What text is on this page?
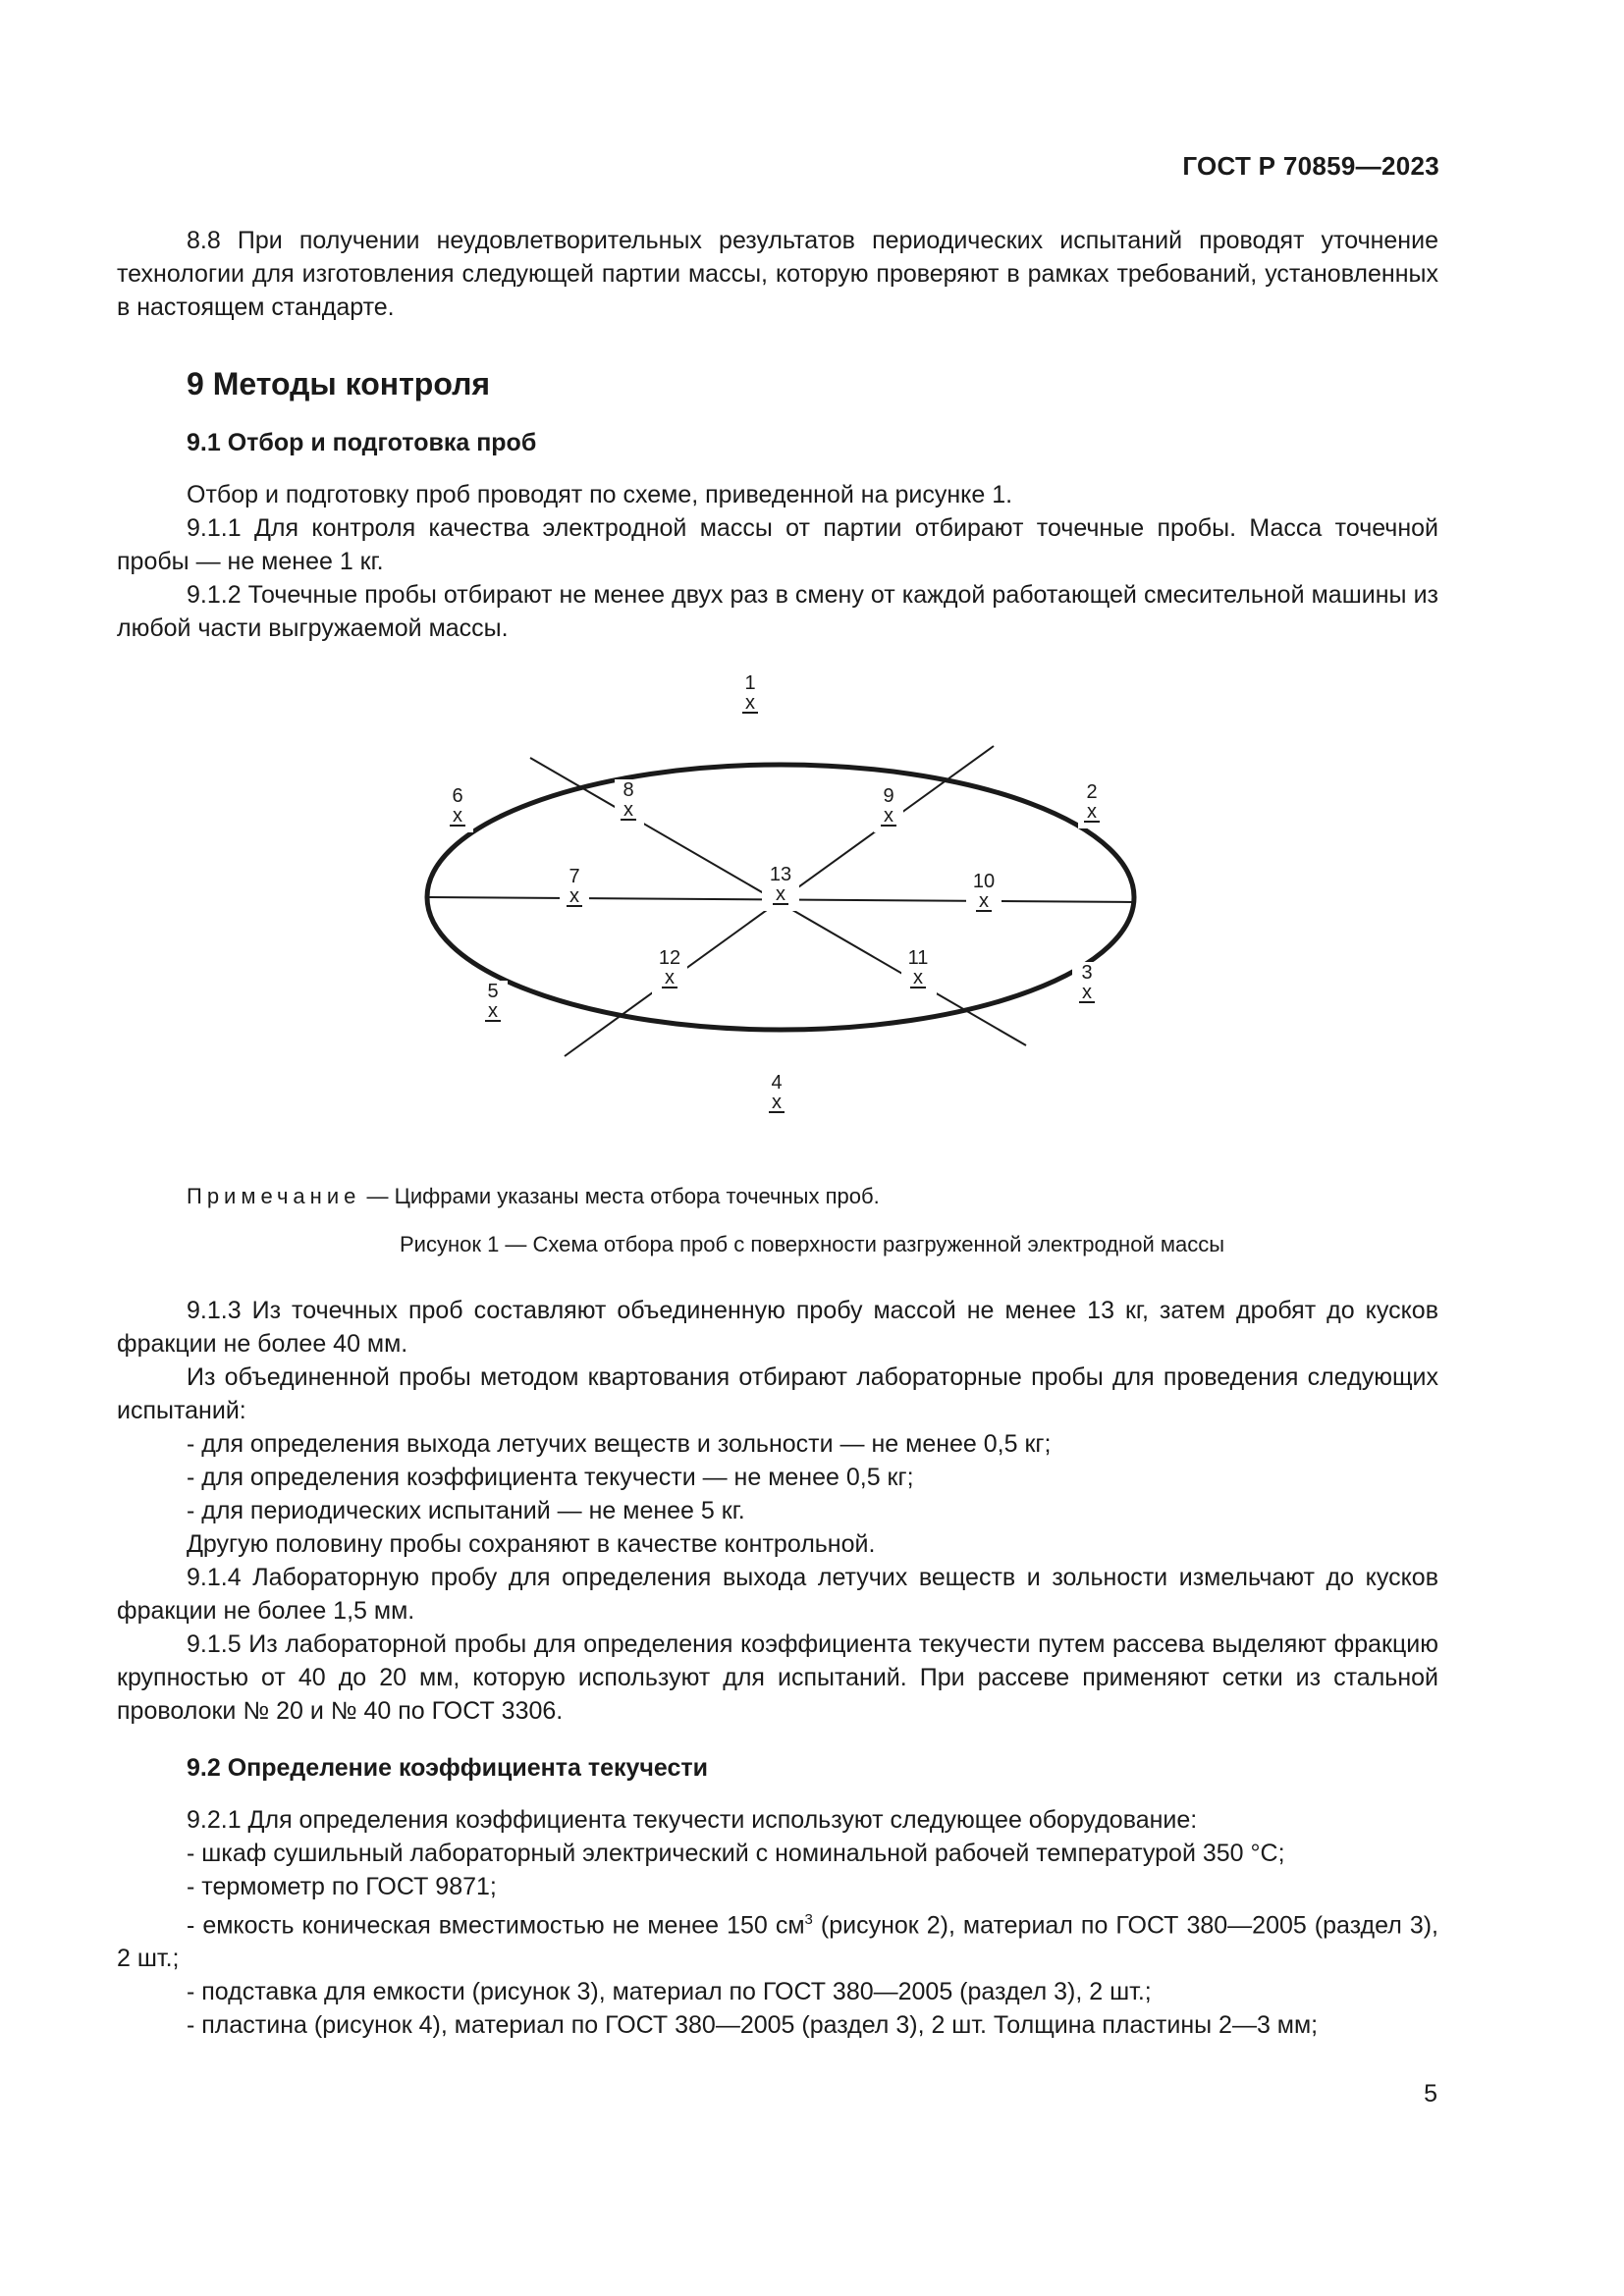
ГОСТ Р 70859—2023

8.8 При получении неудовлетворительных результатов периодических испытаний проводят уточнение технологии для изготовления следующей партии массы, которую проверяют в рамках требований, установленных в настоящем стандарте.

9 Методы контроля
9.1 Отбор и подготовка проб

Отбор и подготовку проб проводят по схеме, приведенной на рисунке 1.

9.1.1 Для контроля качества электродной массы от партии отбирают точечные пробы. Масса точечной пробы — не менее 1 кг.

9.1.2 Точечные пробы отбирают не менее двух раз в смену от каждой работающей смесительной машины из любой части выгружаемой массы.

1
x
2
x
3
x
4
x
5
x
6
x
7
x
8
x
9
x
10
x
11
x
12
x
13
x
Примечание — Цифрами указаны места отбора точечных проб.
Рисунок 1 — Схема отбора проб с поверхности разгруженной электродной массы

9.1.3 Из точечных проб составляют объединенную пробу массой не менее 13 кг, затем дробят до кусков фракции не более 40 мм.

Из объединенной пробы методом квартования отбирают лабораторные пробы для проведения следующих испытаний:

- для определения выхода летучих веществ и зольности — не менее 0,5 кг;

- для определения коэффициента текучести — не менее 0,5 кг;

- для периодических испытаний — не менее 5 кг.

Другую половину пробы сохраняют в качестве контрольной.

9.1.4 Лабораторную пробу для определения выхода летучих веществ и зольности измельчают до кусков фракции не более 1,5 мм.

9.1.5 Из лабораторной пробы для определения коэффициента текучести путем рассева выделяют фракцию крупностью от 40 до 20 мм, которую используют для испытаний. При рассеве применяют сетки из стальной проволоки № 20 и № 40 по ГОСТ 3306.

9.2 Определение коэффициента текучести

9.2.1 Для определения коэффициента текучести используют следующее оборудование:

- шкаф сушильный лабораторный электрический с номинальной рабочей температурой 350 °С;

- термометр по ГОСТ 9871;

- емкость коническая вместимостью не менее 150 $см^3$ (рисунок 2), материал по ГОСТ 380—2005 (раздел 3), 2 шт.;

- подставка для емкости (рисунок 3), материал по ГОСТ 380—2005 (раздел 3), 2 шт.;

- пластина (рисунок 4), материал по ГОСТ 380—2005 (раздел 3), 2 шт. Толщина пластины 2—3 мм;

5
